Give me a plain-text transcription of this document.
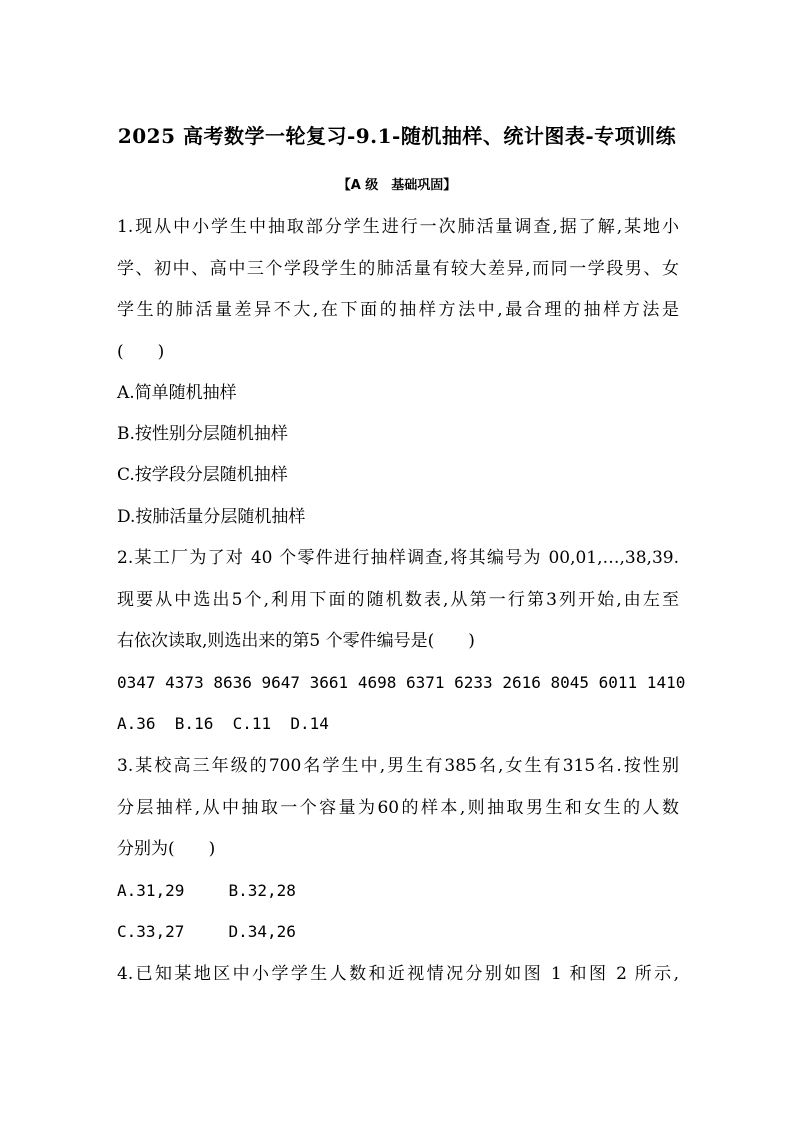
2025 高考数学一轮复习-9.1-随机抽样、统计图表-专项训练
【A 级　基础巩固】
1.现从中小学生中抽取部分学生进行一次肺活量调查,据了解,某地小
学、初中、高中三个学段学生的肺活量有较大差异,而同一学段男、女
学生的肺活量差异不大,在下面的抽样方法中,最合理的抽样方法是
(　　)
A.简单随机抽样
B.按性别分层随机抽样
C.按学段分层随机抽样
D.按肺活量分层随机抽样
2.某工厂为了对 40 个零件进行抽样调查,将其编号为 00,01,…,38,39.
现要从中选出5个,利用下面的随机数表,从第一行第3列开始,由左至
右依次读取,则选出来的第5 个零件编号是(　　)
0347 4373 8636 9647 3661 4698 6371 6233 2616 8045 6011 1410
A.36  B.16  C.11  D.14
3.某校高三年级的700名学生中,男生有385名,女生有315名.按性别
分层抽样,从中抽取一个容量为60的样本,则抽取男生和女生的人数
分别为(　　)
A.31,29	B.32,28
C.33,27	D.34,26
4.已知某地区中小学学生人数和近视情况分别如图 1 和图 2 所示,
